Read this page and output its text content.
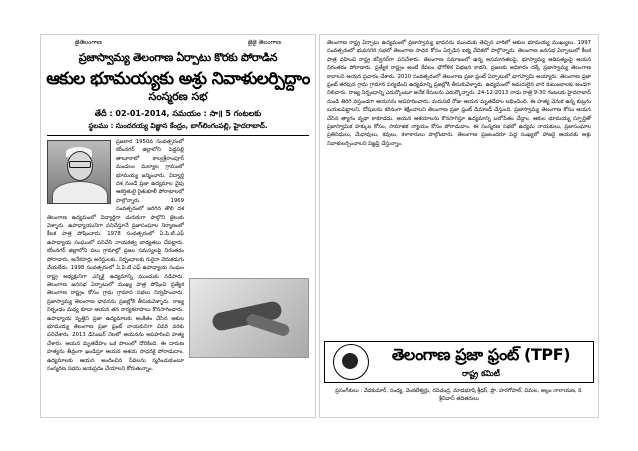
జైతెలంగాణ	జైజై తెలంగాణ
ప్రజాస్వామ్య తెలంగాణ ఏర్పాటు కొరకు పోరాడిన
ఆకుల భూమయ్యకు అశ్రు నివాళులర్పిద్దాం
సంస్మరణ సభ
తేదీ : 02-01-2014, సమయం : సా॥ 5 గంటలకు
స్థలము : సుందరయ్య విజ్ఞాన కేంద్రం, బాగ్‌లింగంపల్లి, హైదరాబాద్.
ప్రజలార 1950వ సంవత్సరంలో కరీంనగర్ జిల్లాలోని పెద్దపల్లి తాలూకాలో కాల్వశ్రీరాంపూర్ మండలం మల్యాల గ్రామంలో భూమయ్య జన్మించారు. విద్యార్థి దశ నుండే ప్రజా ఉద్యమాల వైపు ఆకర్షితులై రైతుకూలీ పోరాటాలలో పాల్గొన్నారు. 1969 సంవత్సరంలో జరిగిన తొలి దశ తెలంగాణ ఉద్యమంలో విద్యార్థిగా చురుకుగా పాల్గొని జైలుకు వెళ్ళారు. ఉపాధ్యాయునిగా పనిచేస్తూనే ప్రజాసంఘాల నిర్మాణంలో కీలక పాత్ర పోషించారు. 1978 సంవత్సరంలో ఏ.పి.టి.ఎఫ్ ఉపాధ్యాయ సంఘంలో పనిచేసి నాయకత్వ బాధ్యతలు చేపట్టారు. కరీంనగర్ జిల్లాలోని పలు గ్రామాల్లో ప్రజల సమస్యలపై నిరంతరం పోరాడారు. అనేకసార్లు అరెస్టులకు, నిర్బంధాలకు గురైనా వెనుకడుగు వేయలేదు. 1998 సంవత్సరంలో ఏ.పి.టి.ఎఫ్ ఉపాధ్యాయ సంఘం రాష్ట్ర అధ్యక్షునిగా ఎన్నికై ఉద్యమాన్ని ముందుకు నడిపారు. తెలంగాణ జనసభ ఏర్పాటులో ముఖ్య పాత్ర పోషించి ప్రత్యేక తెలంగాణ రాష్ట్రం కోసం గ్రామ గ్రామాన సభలు నిర్వహించారు. ప్రజాస్వామ్య తెలంగాణ భావనను ప్రజల్లోకి తీసుకువెళ్ళారు. రాజ్య నిర్బంధం మధ్య కూడా ఆయన తన కార్యకలాపాలు కొనసాగించారు. ఉపాధ్యాయ వృత్తిని ప్రజా ఉద్యమాలకు అంకితం చేసిన ఆకుల భూమయ్య తెలంగాణ ప్రజా ఫ్రంట్ నాయకునిగా చివరి వరకు పనిచేశారు. 2013 డిసెంబర్ నెలలో ఆయనను అపహరించి హత్య చేశారు. ఆయన మృతదేహం ఒక పొలంలో దొరికింది. ఈ దారుణ హత్యను తీవ్రంగా ఖండిస్తూ ఆయన ఆశయ సాధనకై పోరాడుదాం. ఉద్యమాలకు ఆయన అందించిన సేవలను స్మరించుకుంటూ సంస్మరణ సభను జయప్రదం చేయాలని కోరుతున్నాం.
తెలంగాణ రాష్ట్ర ఏర్పాటు ఉద్యమంలో ప్రజాస్వామ్య భావనను ముందుకు తెచ్చిన వారిలో ఆకుల భూమయ్య ముఖ్యులు. 1997 సంవత్సరంలో భువనగిరి సభలో తెలంగాణ సాధన కోసం ఏర్పడిన ఐక్య వేదికలో పాల్గొన్నారు. తెలంగాణ జనసభ ఏర్పాటులో కీలక పాత్ర వహించి రాష్ట్ర కన్వీనర్‌గా పనిచేశారు. తెలంగాణ సమాజంలో ఉన్న అసమానతలపై, భూస్వామ్య ఆధిపత్యంపై ఆయన నిరంతరం పోరాడారు. ప్రత్యేక రాష్ట్రం అంటే కేవలం భౌగోళిక విభజన కాదని, ప్రజలకు అధికారం దక్కే ప్రజాస్వామ్య తెలంగాణ కావాలని ఆయన ప్రచారం చేశారు. 2010 సంవత్సరంలో తెలంగాణ ప్రజా ఫ్రంట్ ఏర్పాటులో భాగస్వామి అయ్యారు. తెలంగాణ ప్రజా ఫ్రంట్ తరపున గ్రామ గ్రామాన పర్యటించి ఉద్యమాన్ని ప్రజల్లోకి తీసుకువెళ్ళారు. ఉద్యమంలో అమరులైన వారి కుటుంబాలకు అండగా నిలిచారు. రాజ్య నిర్బంధాన్ని ఎదుర్కొంటూ అనేక కేసులను ఎదుర్కొన్నారు. 24-12-2013 నాడు రాత్రి 9-30 గంటలకు హైదరాబాద్ నుండి తిరిగి వస్తుండగా ఆయనను అపహరించారు. మరుసటి రోజు ఆయన మృతదేహం లభించింది. ఈ హత్య వెనుక ఉన్న కుట్రను బయటపెట్టాలని, దోషులను కఠినంగా శిక్షించాలని తెలంగాణ ప్రజా ఫ్రంట్ డిమాండ్ చేస్తుంది. ప్రజాస్వామ్య తెలంగాణ కోసం ఆయన చేసిన త్యాగం వృథా కాకూడదు. ఆయన ఆశయాలను కొనసాగిస్తూ ఉద్యమాన్ని బలోపేతం చేద్దాం. ఆకుల భూమయ్య స్ఫూర్తితో ప్రజాస్వామిక హక్కుల కోసం, సామాజిక న్యాయం కోసం పోరాడుదాం. ఈ సంస్మరణ సభలో ఉద్యమ నాయకులు, ప్రజాసంఘాల ప్రతినిధులు, మేధావులు, కవులు, కళాకారులు పాల్గొంటారు. తెలంగాణ ప్రజలందరూ పెద్ద సంఖ్యలో హాజరై ఆయనకు అశ్రు నివాళులర్పించాలని విజ్ఞప్తి చేస్తున్నాం.
తెలంగాణ ప్రజా ఫ్రంట్ (TPF)
రాష్ట్ర కమిటీ
ప్రసంగీకులు : వేదకుమార్, సంధ్య, వెంకటేశ్వర్లు, రవిచంద్ర, మాడభూషి శ్రీధర్, ప్రొ. హరగోపాల్, విమల, అల్లం నారాయణ, కె. శ్రీనివాస్ తదితరులు
